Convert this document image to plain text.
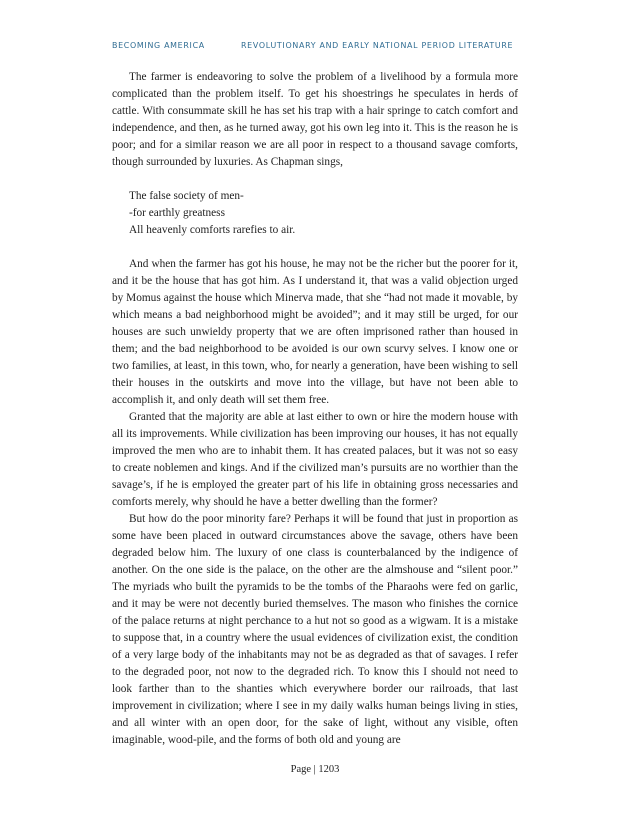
BECOMING AMERICA	REVOLUTIONARY AND EARLY NATIONAL PERIOD LITERATURE

The farmer is endeavoring to solve the problem of a livelihood by a formula more complicated than the problem itself. To get his shoestrings he speculates in herds of cattle. With consummate skill he has set his trap with a hair springe to catch comfort and independence, and then, as he turned away, got his own leg into it. This is the reason he is poor; and for a similar reason we are all poor in respect to a thousand savage comforts, though surrounded by luxuries. As Chapman sings,

The false society of men-
-for earthly greatness
All heavenly comforts rarefies to air.

And when the farmer has got his house, he may not be the richer but the poorer for it, and it be the house that has got him. As I understand it, that was a valid objection urged by Momus against the house which Minerva made, that she “had not made it movable, by which means a bad neighborhood might be avoided”; and it may still be urged, for our houses are such unwieldy property that we are often imprisoned rather than housed in them; and the bad neighborhood to be avoided is our own scurvy selves. I know one or two families, at least, in this town, who, for nearly a generation, have been wishing to sell their houses in the outskirts and move into the village, but have not been able to accomplish it, and only death will set them free.

Granted that the majority are able at last either to own or hire the modern house with all its improvements. While civilization has been improving our houses, it has not equally improved the men who are to inhabit them. It has created palaces, but it was not so easy to create noblemen and kings. And if the civilized man’s pursuits are no worthier than the savage’s, if he is employed the greater part of his life in obtaining gross necessaries and comforts merely, why should he have a better dwelling than the former?

But how do the poor minority fare? Perhaps it will be found that just in proportion as some have been placed in outward circumstances above the savage, others have been degraded below him. The luxury of one class is counterbalanced by the indigence of another. On the one side is the palace, on the other are the almshouse and “silent poor.” The myriads who built the pyramids to be the tombs of the Pharaohs were fed on garlic, and it may be were not decently buried themselves. The mason who finishes the cornice of the palace returns at night perchance to a hut not so good as a wigwam. It is a mistake to suppose that, in a country where the usual evidences of civilization exist, the condition of a very large body of the inhabitants may not be as degraded as that of savages. I refer to the degraded poor, not now to the degraded rich. To know this I should not need to look farther than to the shanties which everywhere border our railroads, that last improvement in civilization; where I see in my daily walks human beings living in sties, and all winter with an open door, for the sake of light, without any visible, often imaginable, wood-pile, and the forms of both old and young are

Page | 1203
